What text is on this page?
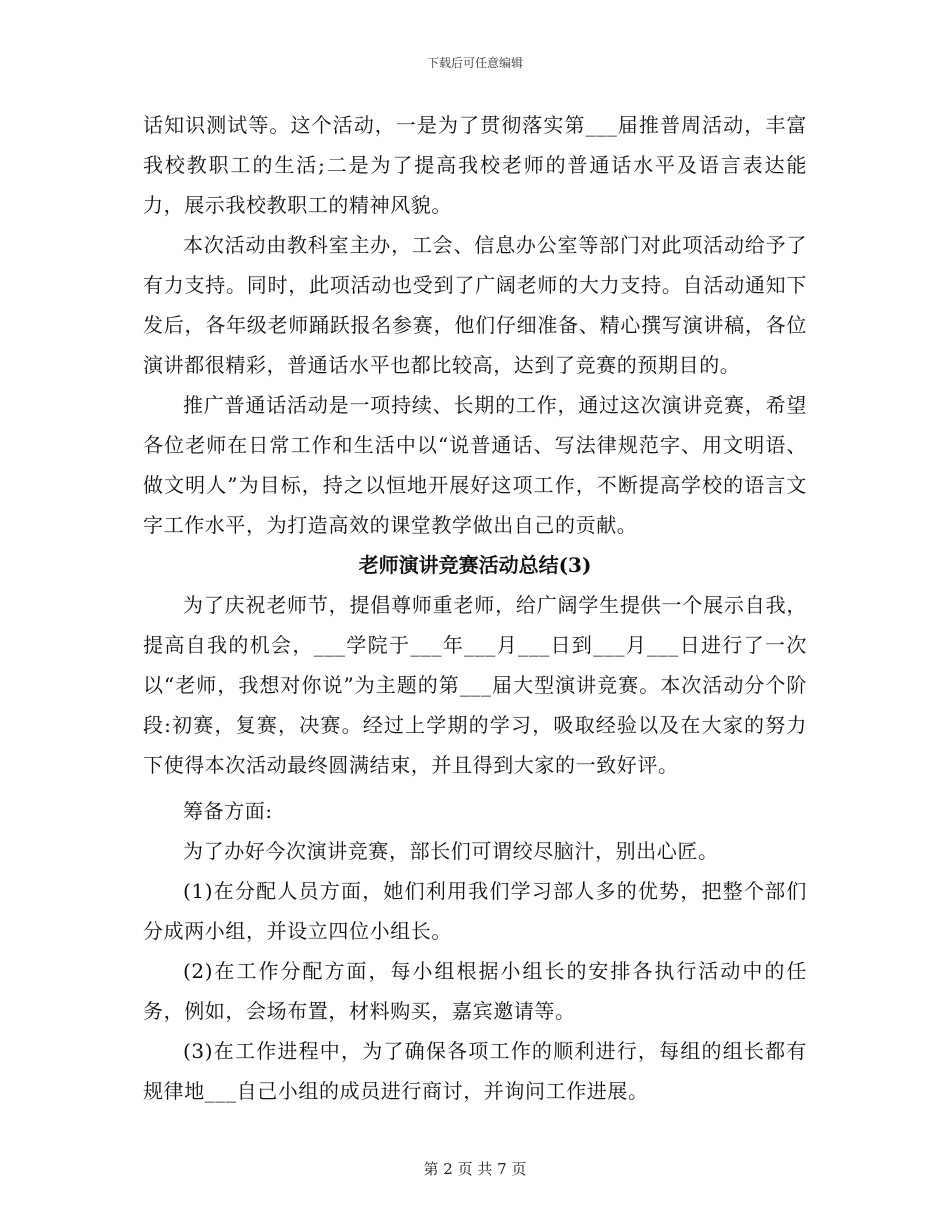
下载后可任意编辑

话知识测试等。这个活动，一是为了贯彻落实第___届推普周活动，丰富我校教职工的生活;二是为了提高我校老师的普通话水平及语言表达能力，展示我校教职工的精神风貌。

本次活动由教科室主办，工会、信息办公室等部门对此项活动给予了有力支持。同时，此项活动也受到了广阔老师的大力支持。自活动通知下发后，各年级老师踊跃报名参赛，他们仔细准备、精心撰写演讲稿，各位演讲都很精彩，普通话水平也都比较高，达到了竞赛的预期目的。

推广普通话活动是一项持续、长期的工作，通过这次演讲竞赛，希望各位老师在日常工作和生活中以“说普通话、写法律规范字、用文明语、做文明人”为目标，持之以恒地开展好这项工作，不断提高学校的语言文字工作水平，为打造高效的课堂教学做出自己的贡献。

老师演讲竞赛活动总结(3)

为了庆祝老师节，提倡尊师重老师，给广阔学生提供一个展示自我，提高自我的机会，___学院于___年___月___日到___月___日进行了一次以“老师，我想对你说”为主题的第___届大型演讲竞赛。本次活动分个阶段:初赛，复赛，决赛。经过上学期的学习，吸取经验以及在大家的努力下使得本次活动最终圆满结束，并且得到大家的一致好评。

筹备方面:

为了办好今次演讲竞赛，部长们可谓绞尽脑汁，别出心匠。

(1)在分配人员方面，她们利用我们学习部人多的优势，把整个部们分成两小组，并设立四位小组长。

(2)在工作分配方面，每小组根据小组长的安排各执行活动中的任务，例如，会场布置，材料购买，嘉宾邀请等。

(3)在工作进程中，为了确保各项工作的顺利进行，每组的组长都有规律地___自己小组的成员进行商讨，并询问工作进展。

第 2 页 共 7 页
